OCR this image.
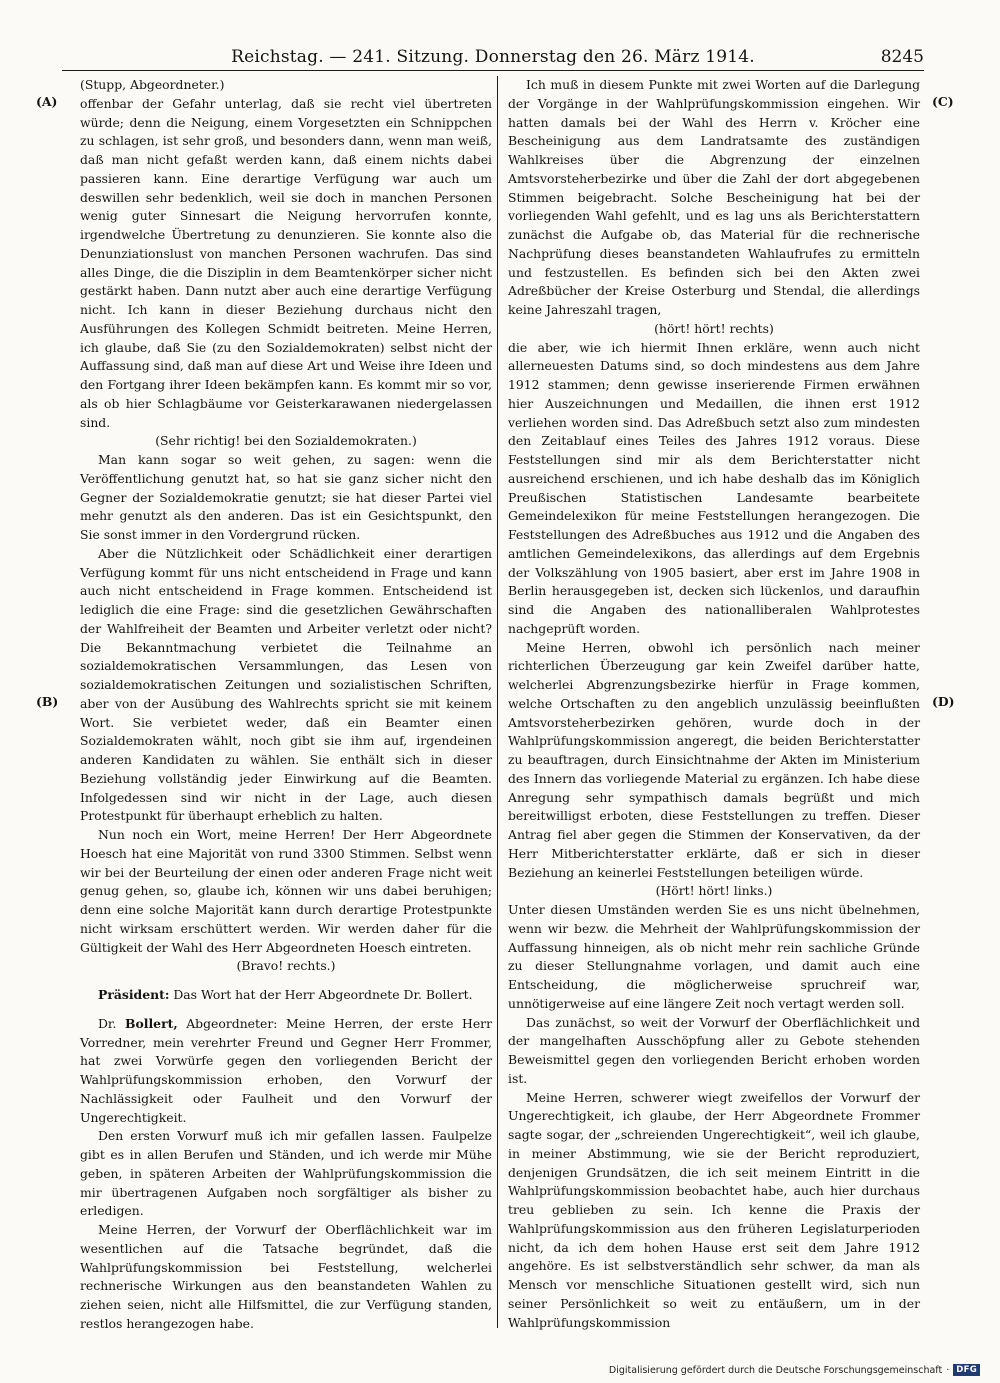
Reichstag. — 241. Sitzung. Donnerstag den 26. März 1914.	8245
(A)
(B)
(C)
(D)

(Stupp, Abgeordneter.)

offenbar der Gefahr unterlag, daß sie recht viel übertreten würde; denn die Neigung, einem Vorgesetzten ein Schnippchen zu schlagen, ist sehr groß, und besonders dann, wenn man weiß, daß man nicht gefaßt werden kann, daß einem nichts dabei passieren kann. Eine derartige Verfügung war auch um deswillen sehr bedenklich, weil sie doch in manchen Personen wenig guter Sinnesart die Neigung hervorrufen konnte, irgendwelche Übertretung zu denunzieren. Sie konnte also die Denunziationslust von manchen Personen wachrufen. Das sind alles Dinge, die die Disziplin in dem Beamtenkörper sicher nicht gestärkt haben. Dann nutzt aber auch eine derartige Verfügung nicht. Ich kann in dieser Beziehung durchaus nicht den Ausführungen des Kollegen Schmidt beitreten. Meine Herren, ich glaube, daß Sie (zu den Sozialdemokraten) selbst nicht der Auffassung sind, daß man auf diese Art und Weise ihre Ideen und den Fortgang ihrer Ideen bekämpfen kann. Es kommt mir so vor, als ob hier Schlagbäume vor Geisterkarawanen niedergelassen sind.

(Sehr richtig! bei den Sozialdemokraten.)

Man kann sogar so weit gehen, zu sagen: wenn die Veröffentlichung genutzt hat, so hat sie ganz sicher nicht den Gegner der Sozialdemokratie genutzt; sie hat dieser Partei viel mehr genutzt als den anderen. Das ist ein Gesichtspunkt, den Sie sonst immer in den Vordergrund rücken.

Aber die Nützlichkeit oder Schädlichkeit einer derartigen Verfügung kommt für uns nicht entscheidend in Frage und kann auch nicht entscheidend in Frage kommen. Entscheidend ist lediglich die eine Frage: sind die gesetzlichen Gewährschaften der Wahlfreiheit der Beamten und Arbeiter verletzt oder nicht? Die Bekanntmachung verbietet die Teilnahme an sozialdemokratischen Versammlungen, das Lesen von sozialdemokratischen Zeitungen und sozialistischen Schriften, aber von der Ausübung des Wahlrechts spricht sie mit keinem Wort. Sie verbietet weder, daß ein Beamter einen Sozialdemokraten wählt, noch gibt sie ihm auf, irgendeinen anderen Kandidaten zu wählen. Sie enthält sich in dieser Beziehung vollständig jeder Einwirkung auf die Beamten. Infolgedessen sind wir nicht in der Lage, auch diesen Protestpunkt für überhaupt erheblich zu halten.

Nun noch ein Wort, meine Herren! Der Herr Abgeordnete Hoesch hat eine Majorität von rund 3300 Stimmen. Selbst wenn wir bei der Beurteilung der einen oder anderen Frage nicht weit genug gehen, so, glaube ich, können wir uns dabei beruhigen; denn eine solche Majorität kann durch derartige Protestpunkte nicht wirksam erschüttert werden. Wir werden daher für die Gültigkeit der Wahl des Herr Abgeordneten Hoesch eintreten.

(Bravo! rechts.)

Präsident: Das Wort hat der Herr Abgeordnete Dr. Bollert.

Dr. Bollert, Abgeordneter: Meine Herren, der erste Herr Vorredner, mein verehrter Freund und Gegner Herr Frommer, hat zwei Vorwürfe gegen den vorliegenden Bericht der Wahlprüfungskommission erhoben, den Vorwurf der Nachlässigkeit oder Faulheit und den Vorwurf der Ungerechtigkeit.

Den ersten Vorwurf muß ich mir gefallen lassen. Faulpelze gibt es in allen Berufen und Ständen, und ich werde mir Mühe geben, in späteren Arbeiten der Wahlprüfungskommission die mir übertragenen Aufgaben noch sorgfältiger als bisher zu erledigen.

Meine Herren, der Vorwurf der Oberflächlichkeit war im wesentlichen auf die Tatsache begründet, daß die Wahlprüfungskommission bei Feststellung, welcherlei rechnerische Wirkungen aus den beanstandeten Wahlen zu ziehen seien, nicht alle Hilfsmittel, die zur Verfügung standen, restlos herangezogen habe.

Ich muß in diesem Punkte mit zwei Worten auf die Darlegung der Vorgänge in der Wahlprüfungskommission eingehen. Wir hatten damals bei der Wahl des Herrn v. Kröcher eine Bescheinigung aus dem Landratsamte des zuständigen Wahlkreises über die Abgrenzung der einzelnen Amtsvorsteherbezirke und über die Zahl der dort abgegebenen Stimmen beigebracht. Solche Bescheinigung hat bei der vorliegenden Wahl gefehlt, und es lag uns als Berichterstattern zunächst die Aufgabe ob, das Material für die rechnerische Nachprüfung dieses beanstandeten Wahlaufrufes zu ermitteln und festzustellen. Es befinden sich bei den Akten zwei Adreßbücher der Kreise Osterburg und Stendal, die allerdings keine Jahreszahl tragen,

(hört! hört! rechts)

die aber, wie ich hiermit Ihnen erkläre, wenn auch nicht allerneuesten Datums sind, so doch mindestens aus dem Jahre 1912 stammen; denn gewisse inserierende Firmen erwähnen hier Auszeichnungen und Medaillen, die ihnen erst 1912 verliehen worden sind. Das Adreßbuch setzt also zum mindesten den Zeitablauf eines Teiles des Jahres 1912 voraus. Diese Feststellungen sind mir als dem Berichterstatter nicht ausreichend erschienen, und ich habe deshalb das im Königlich Preußischen Statistischen Landesamte bearbeitete Gemeindelexikon für meine Feststellungen herangezogen. Die Feststellungen des Adreßbuches aus 1912 und die Angaben des amtlichen Gemeindelexikons, das allerdings auf dem Ergebnis der Volkszählung von 1905 basiert, aber erst im Jahre 1908 in Berlin herausgegeben ist, decken sich lückenlos, und daraufhin sind die Angaben des nationalliberalen Wahlprotestes nachgeprüft worden.

Meine Herren, obwohl ich persönlich nach meiner richterlichen Überzeugung gar kein Zweifel darüber hatte, welcherlei Abgrenzungsbezirke hierfür in Frage kommen, welche Ortschaften zu den angeblich unzulässig beeinflußten Amtsvorsteherbezirken gehören, wurde doch in der Wahlprüfungskommission angeregt, die beiden Berichterstatter zu beauftragen, durch Einsichtnahme der Akten im Ministerium des Innern das vorliegende Material zu ergänzen. Ich habe diese Anregung sehr sympathisch damals begrüßt und mich bereitwilligst erboten, diese Feststellungen zu treffen. Dieser Antrag fiel aber gegen die Stimmen der Konservativen, da der Herr Mitberichterstatter erklärte, daß er sich in dieser Beziehung an keinerlei Feststellungen beteiligen würde.

(Hört! hört! links.)

Unter diesen Umständen werden Sie es uns nicht übelnehmen, wenn wir bezw. die Mehrheit der Wahlprüfungskommission der Auffassung hinneigen, als ob nicht mehr rein sachliche Gründe zu dieser Stellungnahme vorlagen, und damit auch eine Entscheidung, die möglicherweise spruchreif war, unnötigerweise auf eine längere Zeit noch vertagt werden soll.

Das zunächst, so weit der Vorwurf der Oberflächlichkeit und der mangelhaften Ausschöpfung aller zu Gebote stehenden Beweismittel gegen den vorliegenden Bericht erhoben worden ist.

Meine Herren, schwerer wiegt zweifellos der Vorwurf der Ungerechtigkeit, ich glaube, der Herr Abgeordnete Frommer sagte sogar, der „schreienden Ungerechtigkeit“, weil ich glaube, in meiner Abstimmung, wie sie der Bericht reproduziert, denjenigen Grundsätzen, die ich seit meinem Eintritt in die Wahlprüfungskommission beobachtet habe, auch hier durchaus treu geblieben zu sein. Ich kenne die Praxis der Wahlprüfungskommission aus den früheren Legislaturperioden nicht, da ich dem hohen Hause erst seit dem Jahre 1912 angehöre. Es ist selbstverständlich sehr schwer, da man als Mensch vor menschliche Situationen gestellt wird, sich nun seiner Persönlichkeit so weit zu entäußern, um in der Wahlprüfungskommission

Digitalisierung gefördert durch die Deutsche Forschungsgemeinschaft · DFG
